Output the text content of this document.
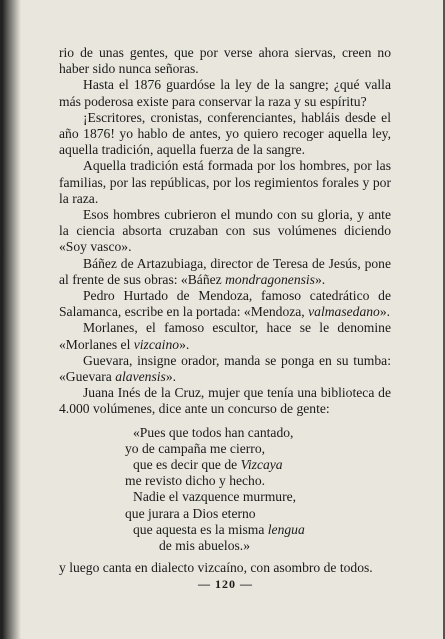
rio de unas gentes, que por verse ahora siervas, creen no haber sido nunca señoras.

Hasta el 1876 guardóse la ley de la sangre; ¿qué valla más poderosa existe para conservar la raza y su espíritu?

¡Escritores, cronistas, conferenciantes, habláis desde el año 1876! yo hablo de antes, yo quiero recoger aquella ley, aquella tradición, aquella fuerza de la sangre.

Aquella tradición está formada por los hombres, por las familias, por las repúblicas, por los regimientos forales y por la raza.

Esos hombres cubrieron el mundo con su gloria, y ante la ciencia absorta cruzaban con sus volúmenes diciendo «Soy vasco».

Báñez de Artazubiaga, director de Teresa de Jesús, pone al frente de sus obras: «Báñez mondragonensis».

Pedro Hurtado de Mendoza, famoso catedrático de Salamanca, escribe en la portada: «Mendoza, valmasedano».

Morlanes, el famoso escultor, hace se le denomine «Morlanes el vizcaino».

Guevara, insigne orador, manda se ponga en su tumba: «Guevara alavensis».

Juana Inés de la Cruz, mujer que tenía una biblioteca de 4.000 volúmenes, dice ante un concurso de gente:

«Pues que todos han cantado,
yo de campaña me cierro,
que es decir que de Vizcaya
me revisto dicho y hecho.
Nadie el vazquence murmure,
que jurara a Dios eterno
que aquesta es la misma lengua
de mis abuelos.»

y luego canta en dialecto vizcaíno, con asombro de todos.

— 120 —
